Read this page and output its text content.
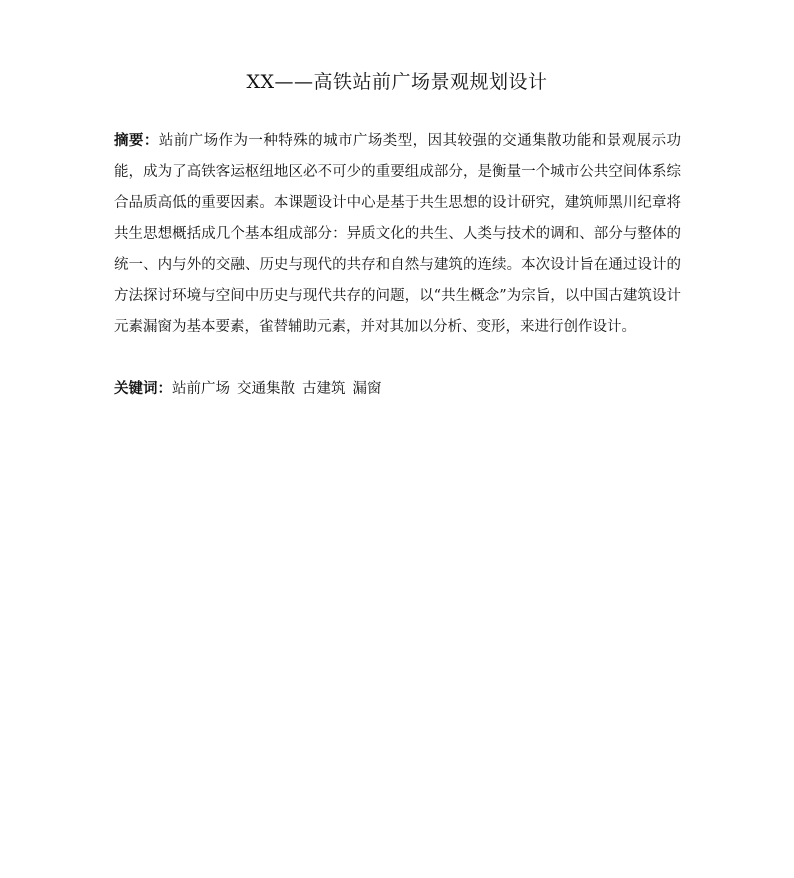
XX——高铁站前广场景观规划设计

摘要：站前广场作为一种特殊的城市广场类型，因其较强的交通集散功能和景观展示功能，成为了高铁客运枢纽地区必不可少的重要组成部分，是衡量一个城市公共空间体系综合品质高低的重要因素。本课题设计中心是基于共生思想的设计研究，建筑师黑川纪章将共生思想概括成几个基本组成部分：异质文化的共生、人类与技术的调和、部分与整体的统一、内与外的交融、历史与现代的共存和自然与建筑的连续。本次设计旨在通过设计的方法探讨环境与空间中历史与现代共存的问题，以“共生概念”为宗旨，以中国古建筑设计元素漏窗为基本要素，雀替辅助元素，并对其加以分析、变形，来进行创作设计。

关键词：站前广场 交通集散 古建筑 漏窗
